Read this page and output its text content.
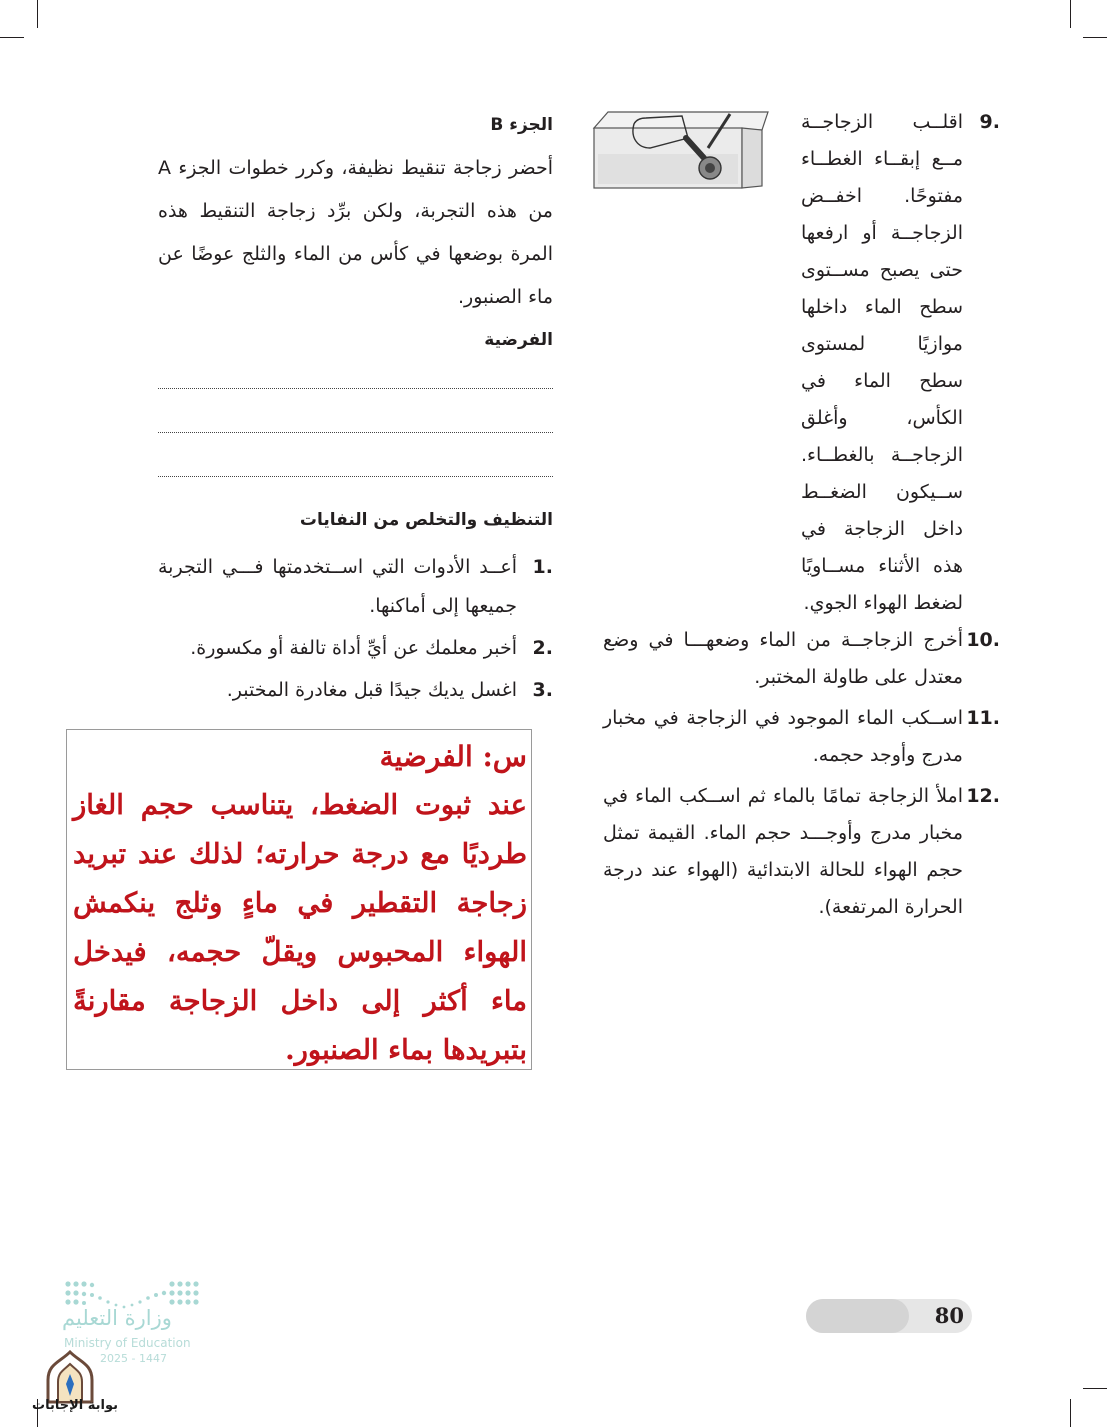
9.
اقلــب الزجاجــة مــع إبقــاء الغطــاء مفتوحًا. اخفــض الزجاجــة أو ارفعها حتى يصبح مســتوى سطح الماء داخلها موازيًا لمستوى سطح الماء في الكأس، وأغلق الزجاجــة بالغطــاء. ســيكون الضغــط داخل الزجاجة في هذه الأثناء مســاويًا لضغط الهواء الجوي.
10.
أخرج الزجاجــة من الماء وضعهـــا في وضع معتدل على طاولة المختبر.
11.
اســكب الماء الموجود في الزجاجة في مخبار مدرج وأوجد حجمه.
12.
املأ الزجاجة تمامًا بالماء ثم اســكب الماء في مخبار مدرج وأوجـــد حجم الماء. القيمة تمثل حجم الهواء للحالة الابتدائية (الهواء عند درجة الحرارة المرتفعة).
الجزء B
أحضر زجاجة تنقيط نظيفة، وكرر خطوات الجزء A من هذه التجربة، ولكن برِّد زجاجة التنقيط هذه المرة بوضعها في كأس من الماء والثلج عوضًا عن ماء الصنبور.
الفرضية
التنظيف والتخلص من النفايات
1.
أعــد الأدوات التي اســتخدمتها فـــي التجربة جميعها إلى أماكنها.
2.
أخبر معلمك عن أيِّ أداة تالفة أو مكسورة.
3.
اغسل يديك جيدًا قبل مغادرة المختبر.
س: الفرضية
عند ثبوت الضغط، يتناسب حجم الغاز طرديًا مع درجة حرارته؛ لذلك عند تبريد زجاجة التقطير في ماءٍ وثلج ينكمش الهواء المحبوس ويقلّ حجمه، فيدخل ماء أكثر إلى داخل الزجاجة مقارنةً بتبريدها بماء الصنبور.
وزارة التعليم
Ministry of Education
2025 - 1447
بوابة الإجابات
80
